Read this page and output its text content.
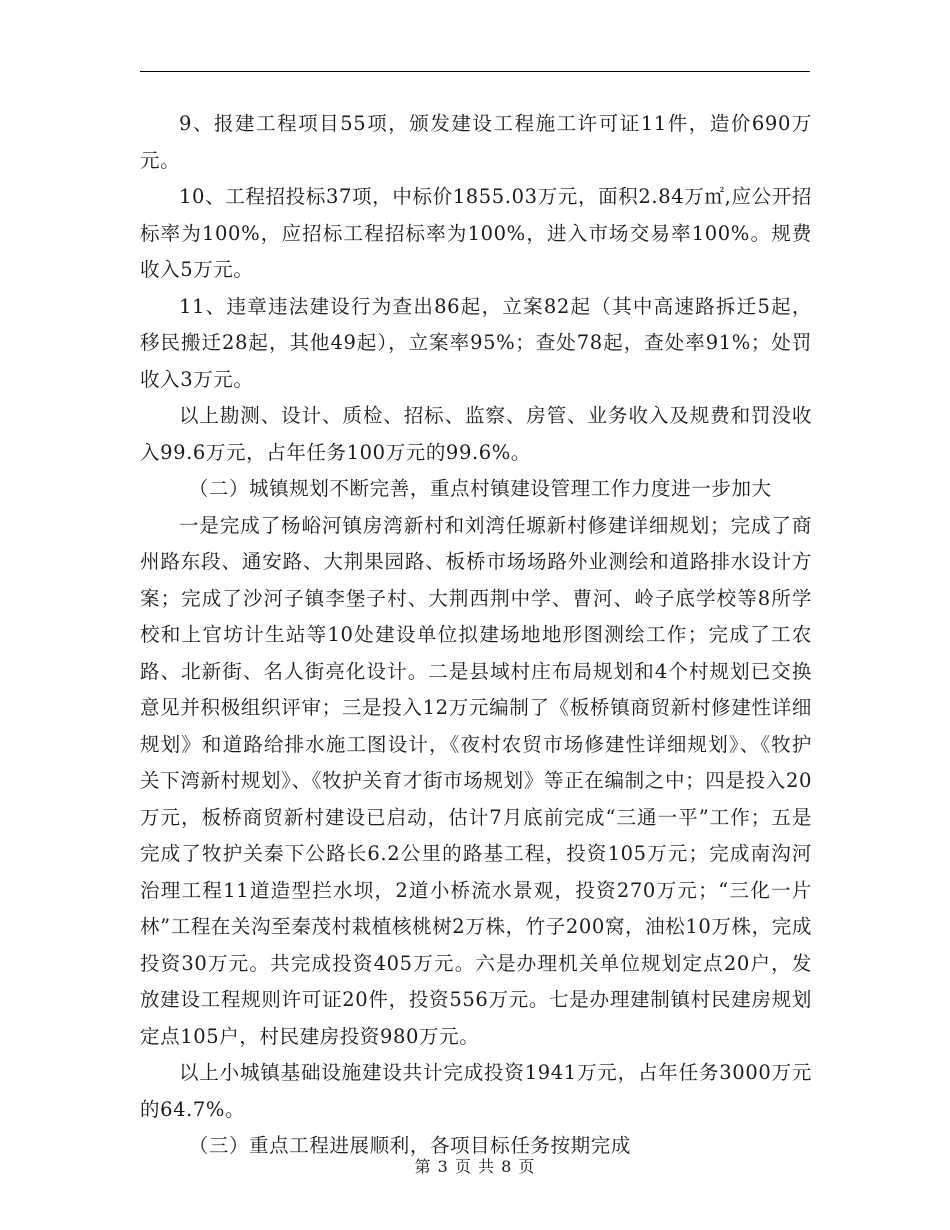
9、报建工程项目55项，颁发建设工程施工许可证11件，造价690万元。

10、工程招投标37项，中标价1855.03万元，面积2.84万㎡,应公开招标率为100%，应招标工程招标率为100%，进入市场交易率100%。规费收入5万元。

11、违章违法建设行为查出86起，立案82起（其中高速路拆迁5起，移民搬迁28起，其他49起），立案率95%；查处78起，查处率91%；处罚收入3万元。

以上勘测、设计、质检、招标、监察、房管、业务收入及规费和罚没收入99.6万元，占年任务100万元的99.6%。

（二）城镇规划不断完善，重点村镇建设管理工作力度进一步加大

一是完成了杨峪河镇房湾新村和刘湾任塬新村修建详细规划；完成了商州路东段、通安路、大荆果园路、板桥市场场路外业测绘和道路排水设计方案；完成了沙河子镇李堡子村、大荆西荆中学、曹河、岭子底学校等8所学校和上官坊计生站等10处建设单位拟建场地地形图测绘工作；完成了工农路、北新街、名人街亮化设计。二是县域村庄布局规划和4个村规划已交换意见并积极组织评审；三是投入12万元编制了《板桥镇商贸新村修建性详细规划》和道路给排水施工图设计，《夜村农贸市场修建性详细规划》、《牧护关下湾新村规划》、《牧护关育才街市场规划》等正在编制之中；四是投入20万元，板桥商贸新村建设已启动，估计7月底前完成“三通一平”工作；五是完成了牧护关秦下公路长6.2公里的路基工程，投资105万元；完成南沟河治理工程11道造型拦水坝，2道小桥流水景观，投资270万元；“三化一片林”工程在关沟至秦茂村栽植核桃树2万株，竹子200窝，油松10万株，完成投资30万元。共完成投资405万元。六是办理机关单位规划定点20户，发放建设工程规则许可证20件，投资556万元。七是办理建制镇村民建房规划定点105户，村民建房投资980万元。

以上小城镇基础设施建设共计完成投资1941万元，占年任务3000万元的64.7%。

（三）重点工程进展顺利，各项目标任务按期完成

第 3 页 共 8 页
